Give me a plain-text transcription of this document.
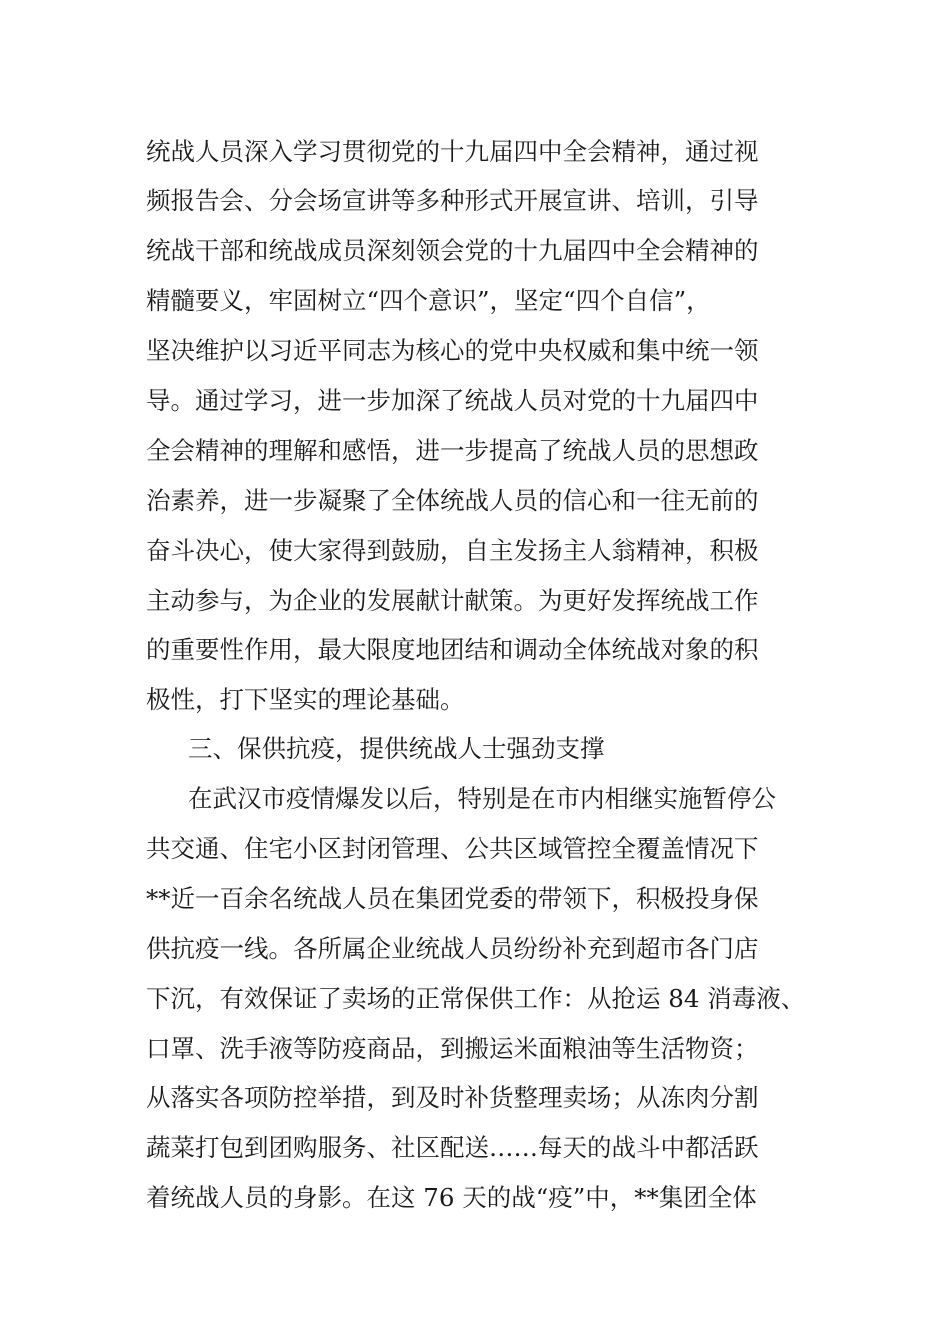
统战人员深入学习贯彻党的十九届四中全会精神，通过视
频报告会、分会场宣讲等多种形式开展宣讲、培训，引导
统战干部和统战成员深刻领会党的十九届四中全会精神的
精髓要义，牢固树立“四个意识”，坚定“四个自信”，
坚决维护以习近平同志为核心的党中央权威和集中统一领
导。通过学习，进一步加深了统战人员对党的十九届四中
全会精神的理解和感悟，进一步提高了统战人员的思想政
治素养，进一步凝聚了全体统战人员的信心和一往无前的
奋斗决心，使大家得到鼓励，自主发扬主人翁精神，积极
主动参与，为企业的发展献计献策。为更好发挥统战工作
的重要性作用，最大限度地团结和调动全体统战对象的积
极性，打下坚实的理论基础。
三、保供抗疫，提供统战人士强劲支撑
在武汉市疫情爆发以后，特别是在市内相继实施暂停公
共交通、住宅小区封闭管理、公共区域管控全覆盖情况下
**近一百余名统战人员在集团党委的带领下，积极投身保
供抗疫一线。各所属企业统战人员纷纷补充到超市各门店
下沉，有效保证了卖场的正常保供工作：从抢运 84 消毒液、
口罩、洗手液等防疫商品，到搬运米面粮油等生活物资；
从落实各项防控举措，到及时补货整理卖场；从冻肉分割
蔬菜打包到团购服务、社区配送……每天的战斗中都活跃
着统战人员的身影。在这 76 天的战“疫”中，**集团全体
